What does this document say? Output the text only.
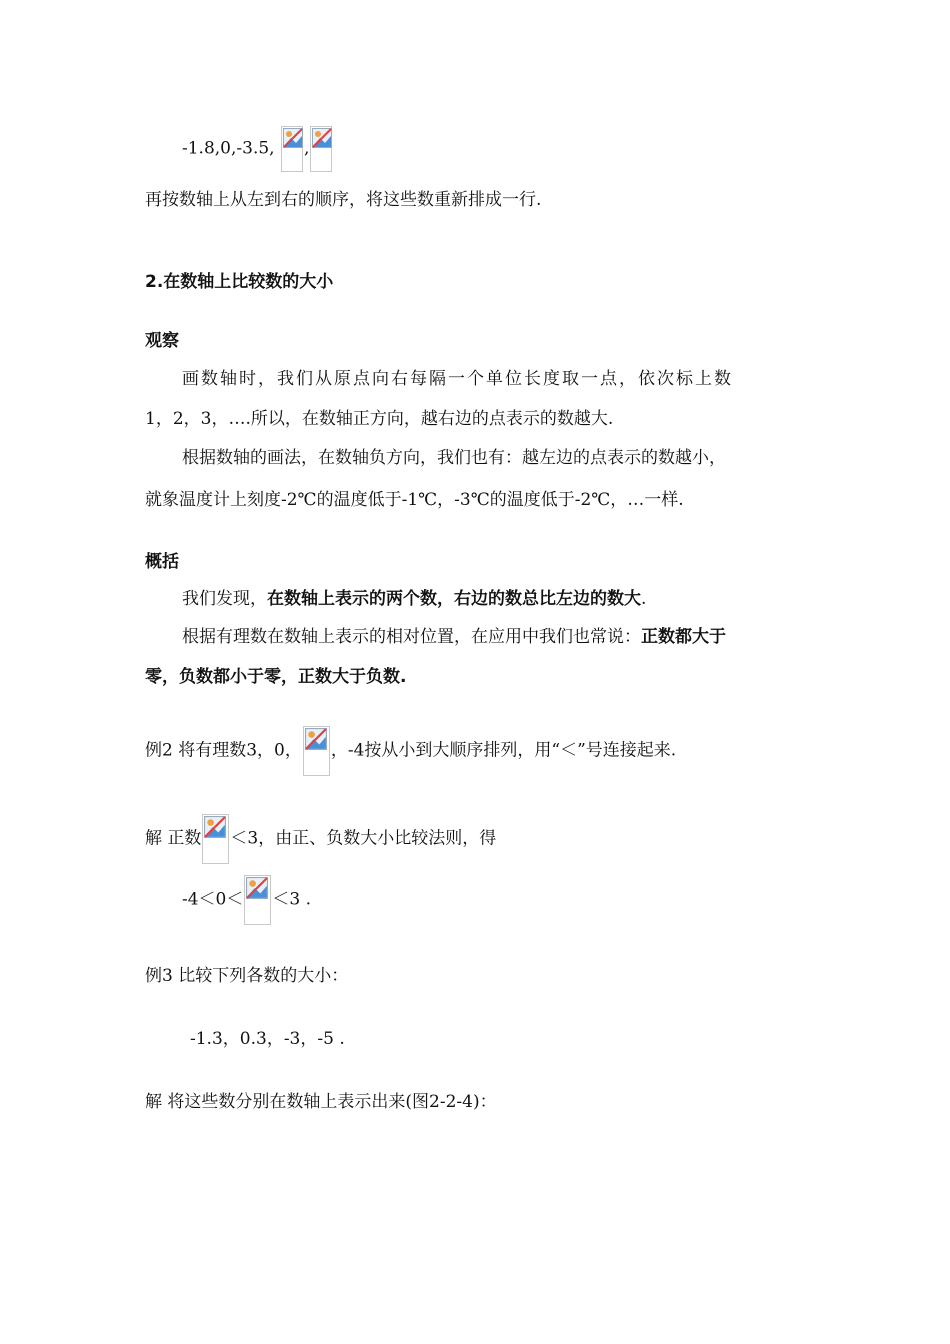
-1.8,0,-3.5, ,
再按数轴上从左到右的顺序，将这些数重新排成一行.
2.在数轴上比较数的大小
观察
画数轴时，我们从原点向右每隔一个单位长度取一点，依次标上数
1，2，3，….所以，在数轴正方向，越右边的点表示的数越大.
根据数轴的画法，在数轴负方向，我们也有：越左边的点表示的数越小，
就象温度计上刻度-2℃的温度低于-1℃，-3℃的温度低于-2℃，…一样.
概括
我们发现，在数轴上表示的两个数，右边的数总比左边的数大.
根据有理数在数轴上表示的相对位置，在应用中我们也常说：正数都大于
零，负数都小于零，正数大于负数.
例2 将有理数3，0， ，-4按从小到大顺序排列，用“＜”号连接起来.
解 正数 ＜3，由正、负数大小比较法则，得
-4＜0＜ ＜3 .
例3 比较下列各数的大小：
-1.3，0.3，-3，-5 .
解 将这些数分别在数轴上表示出来(图2-2-4)：
